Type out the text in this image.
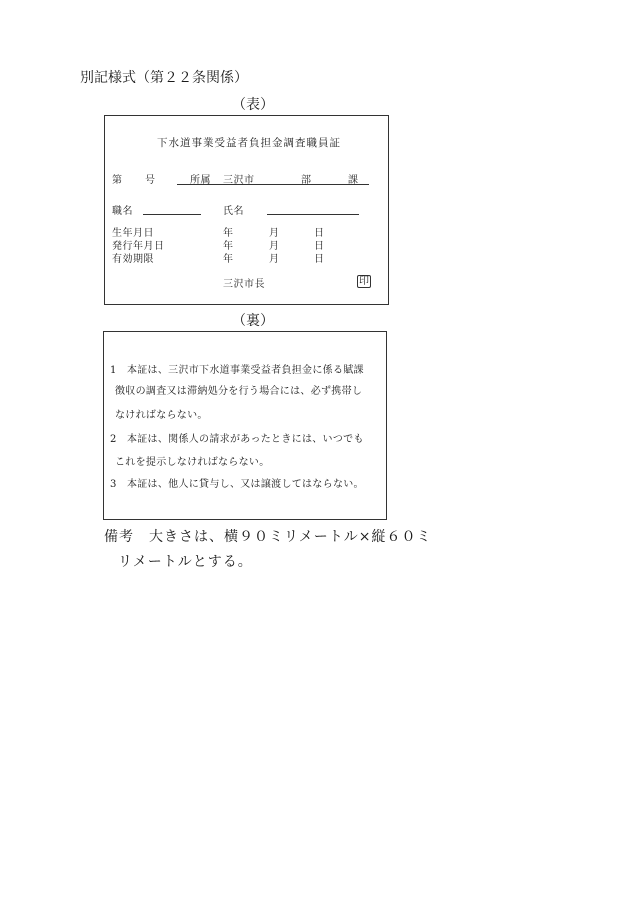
別記様式（第２２条関係）
（表）
下水道事業受益者負担金調査職員証
第 号	所属 三沢市	部	課
職名	氏名
生年月日	年	月	日
発行年月日	年	月	日
有効期限	年	月	日
三沢市長	印
（裏）
1　本証は、三沢市下水道事業受益者負担金に係る賦課
徴収の調査又は滞納処分を行う場合には、必ず携帯し
なければならない。
2　本証は、関係人の請求があったときには、いつでも
これを提示しなければならない。
3　本証は、他人に貸与し、又は譲渡してはならない。
備考　大きさは、横９０ミリメートル×縦６０ミ
リメートルとする。
